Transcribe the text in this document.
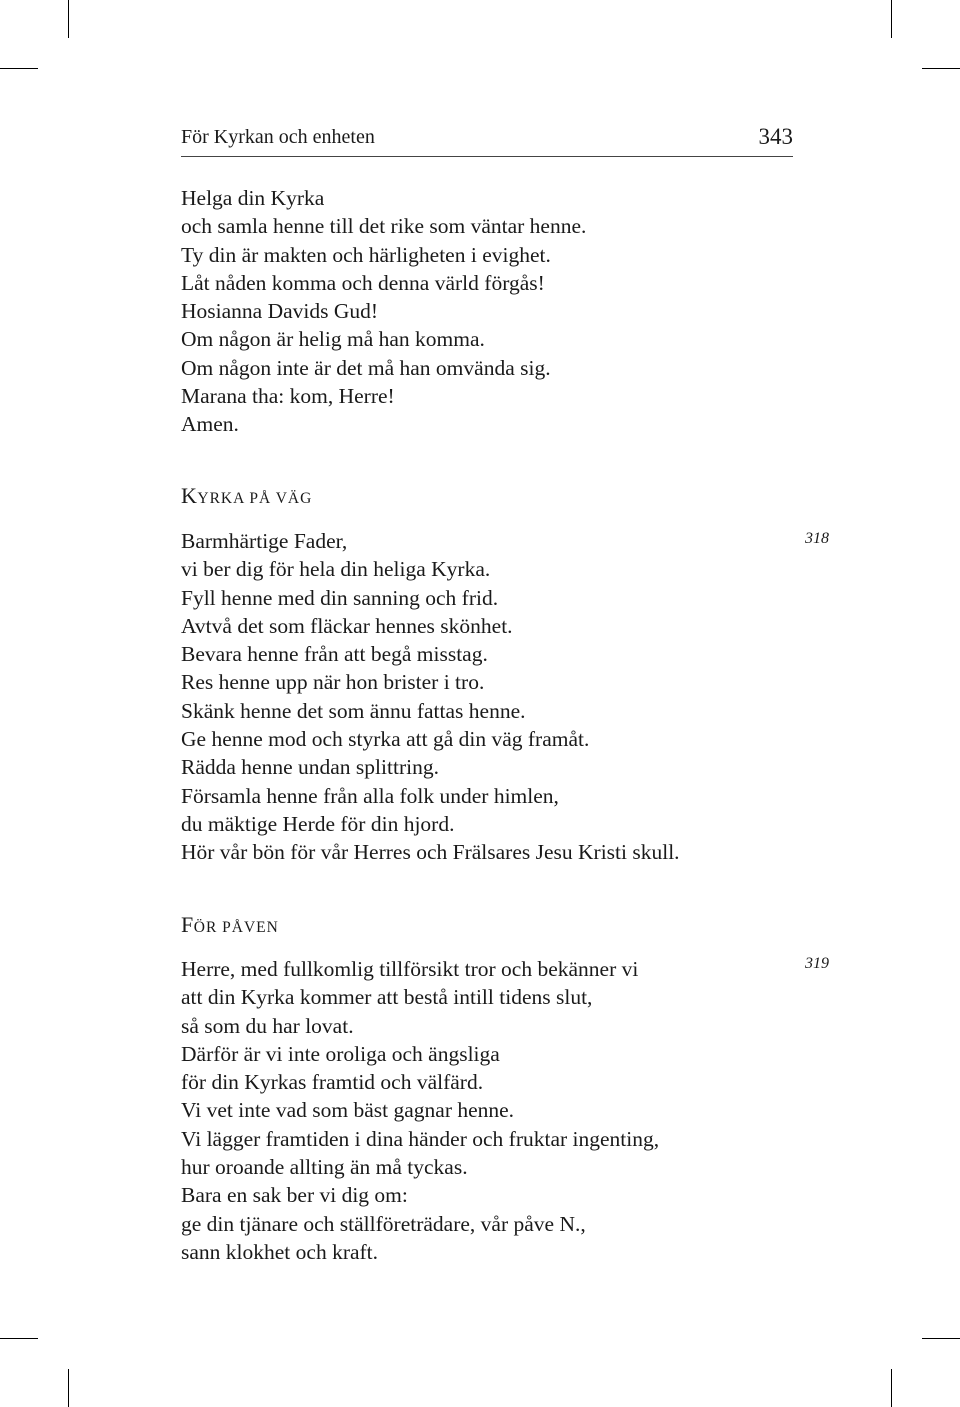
För Kyrkan och enheten	343
Helga din Kyrka
och samla henne till det rike som väntar henne.
Ty din är makten och härligheten i evighet.
Låt nåden komma och denna värld förgås!
Hosianna Davids Gud!
Om någon är helig må han komma.
Om någon inte är det må han omvända sig.
Marana tha: kom, Herre!
Amen.
KYRKA PÅ VÄG
318
Barmhärtige Fader,
vi ber dig för hela din heliga Kyrka.
Fyll henne med din sanning och frid.
Avtvå det som fläckar hennes skönhet.
Bevara henne från att begå misstag.
Res henne upp när hon brister i tro.
Skänk henne det som ännu fattas henne.
Ge henne mod och styrka att gå din väg framåt.
Rädda henne undan splittring.
Församla henne från alla folk under himlen,
du mäktige Herde för din hjord.
Hör vår bön för vår Herres och Frälsares Jesu Kristi skull.
FÖR PÅVEN
319
Herre, med fullkomlig tillförsikt tror och bekänner vi
att din Kyrka kommer att bestå intill tidens slut,
så som du har lovat.
Därför är vi inte oroliga och ängsliga
för din Kyrkas framtid och välfärd.
Vi vet inte vad som bäst gagnar henne.
Vi lägger framtiden i dina händer och fruktar ingenting,
hur oroande allting än må tyckas.
Bara en sak ber vi dig om:
ge din tjänare och ställföreträdare, vår påve N.,
sann klokhet och kraft.
